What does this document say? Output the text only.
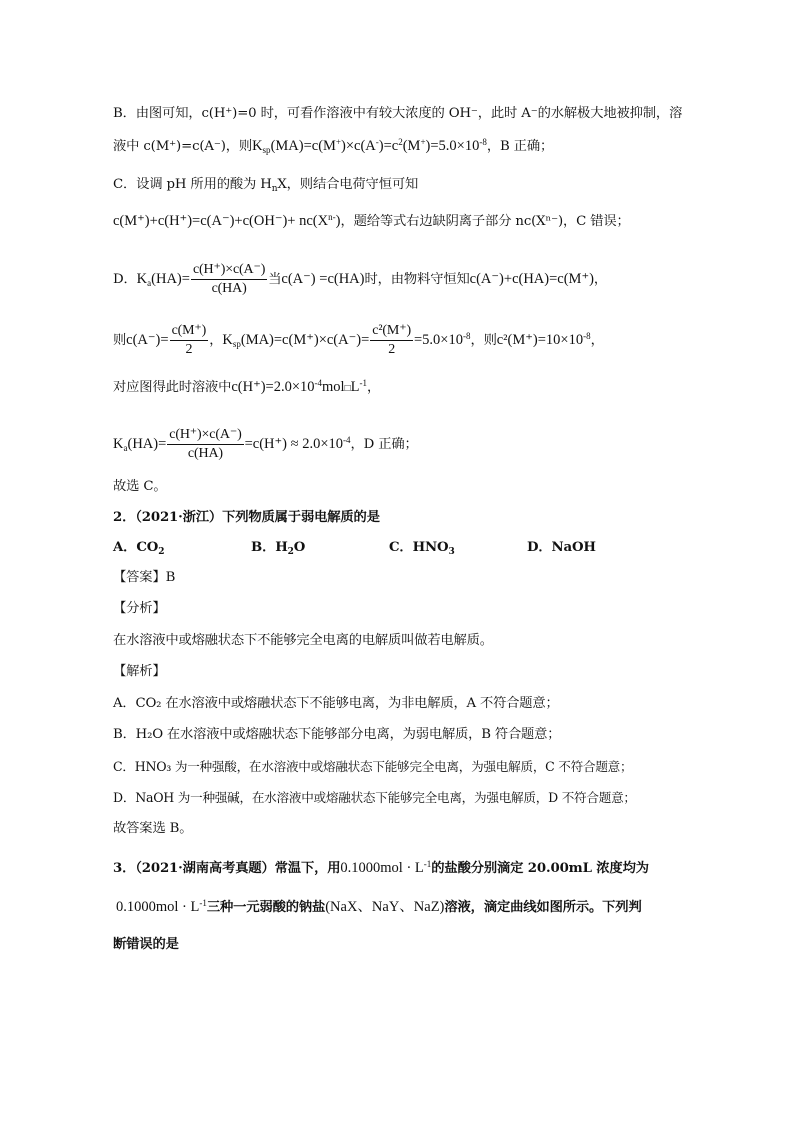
B．由图可知，c(H⁺)=0 时，可看作溶液中有较大浓度的 OH⁻，此时 A⁻的水解极大地被抑制，溶
液中 c(M⁺)=c(A⁻)，则$K_{sp}(MA)=c(M^+)\times c(A^-)=c^2(M^+)=5.0\times 10^{-8}$，B 正确；
C．设调 pH 所用的酸为 $H_nX$，则结合电荷守恒可知
$c(M^+)+c(H^+)=c(A^-)+c(OH^-)+ nc(X^{n-})$，题给等式右边缺阴离子部分 nc(Xⁿ⁻)，C 错误；
D．$K_a(HA)= \frac{c(H^+)\times c(A^-)}{c(HA)}$ 当c(A⁻) =c(HA)时，由物料守恒知c(A⁻)+c(HA)=c(M⁺)，
则$c(A^-)= \frac{c(M^+)}{2}$ ，$K_{sp}(MA)=c(M^+)\times c(A^-)= \frac{\text{c²(M⁺)}}{2} =5.0\times 10^{-8}$，则$c^2(M^+)=10\times 10^{-8}$，
对应图得此时溶液中$c(H^+)=2.0\times 10^{-4}mol□L^{-1}$，
$K_a(HA)= \frac{c(H^+)\times c(A^-)}{c(HA)} =c(H^+) \approx 2.0\times 10^{-4}$，D 正确；
故选 C。
2．（2021·浙江）下列物质属于弱电解质的是
A．$CO_2$	B．$H_2O$	C．$HNO_3$	D．NaOH
【答案】B
【分析】
在水溶液中或熔融状态下不能够完全电离的电解质叫做若电解质。
【解析】
A．CO₂ 在水溶液中或熔融状态下不能够电离，为非电解质，A 不符合题意；
B．H₂O 在水溶液中或熔融状态下能够部分电离，为弱电解质，B 符合题意；
C．HNO₃ 为一种强酸，在水溶液中或熔融状态下能够完全电离，为强电解质，C 不符合题意；
D．NaOH 为一种强碱，在水溶液中或熔融状态下能够完全电离，为强电解质，D 不符合题意；
故答案选 B。
3．（2021·湖南高考真题）常温下，用$0.1000mol \cdot L^{-1}$的盐酸分别滴定 20.00mL 浓度均为
$0.1000mol \cdot L^{-1}$三种一元弱酸的钠盐(NaX、NaY、NaZ)溶液，滴定曲线如图所示。下列判
断错误的是
